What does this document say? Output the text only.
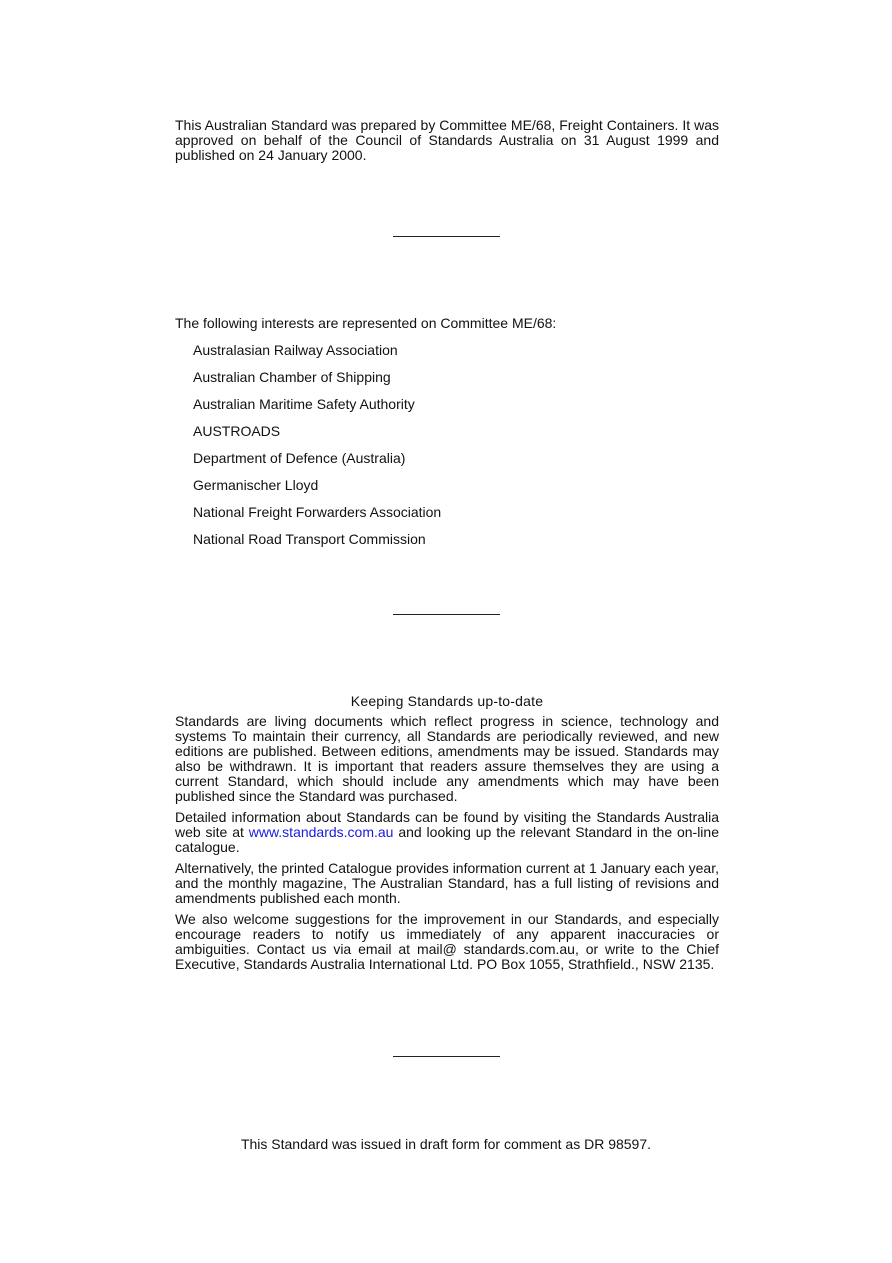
This Australian Standard was prepared by Committee ME/68, Freight Containers. It was approved on behalf of the Council of Standards Australia on 31 August 1999 and published on 24 January 2000.

The following interests are represented on Committee ME/68:

Australasian Railway Association
Australian Chamber of Shipping
Australian Maritime Safety Authority
AUSTROADS
Department of Defence (Australia)
Germanischer Lloyd
National Freight Forwarders Association
National Road Transport Commission
Keeping Standards up-to-date

Standards are living documents which reflect progress in science, technology and systems To maintain their currency, all Standards are periodically reviewed, and new editions are published. Between editions, amendments may be issued. Standards may also be withdrawn. It is important that readers assure themselves they are using a current Standard, which should include any amendments which may have been published since the Standard was purchased.

Detailed information about Standards can be found by visiting the Standards Australia web site at www.standards.com.au and looking up the relevant Standard in the on-line catalogue.

Alternatively, the printed Catalogue provides information current at 1 January each year, and the monthly magazine, The Australian Standard, has a full listing of revisions and amendments published each month.

We also welcome suggestions for the improvement in our Standards, and especially encourage readers to notify us immediately of any apparent inaccuracies or ambiguities. Contact us via email at mail@ standards.com.au, or write to the Chief Executive, Standards Australia International Ltd. PO Box 1055, Strathfield., NSW 2135.

This Standard was issued in draft form for comment as DR 98597.
